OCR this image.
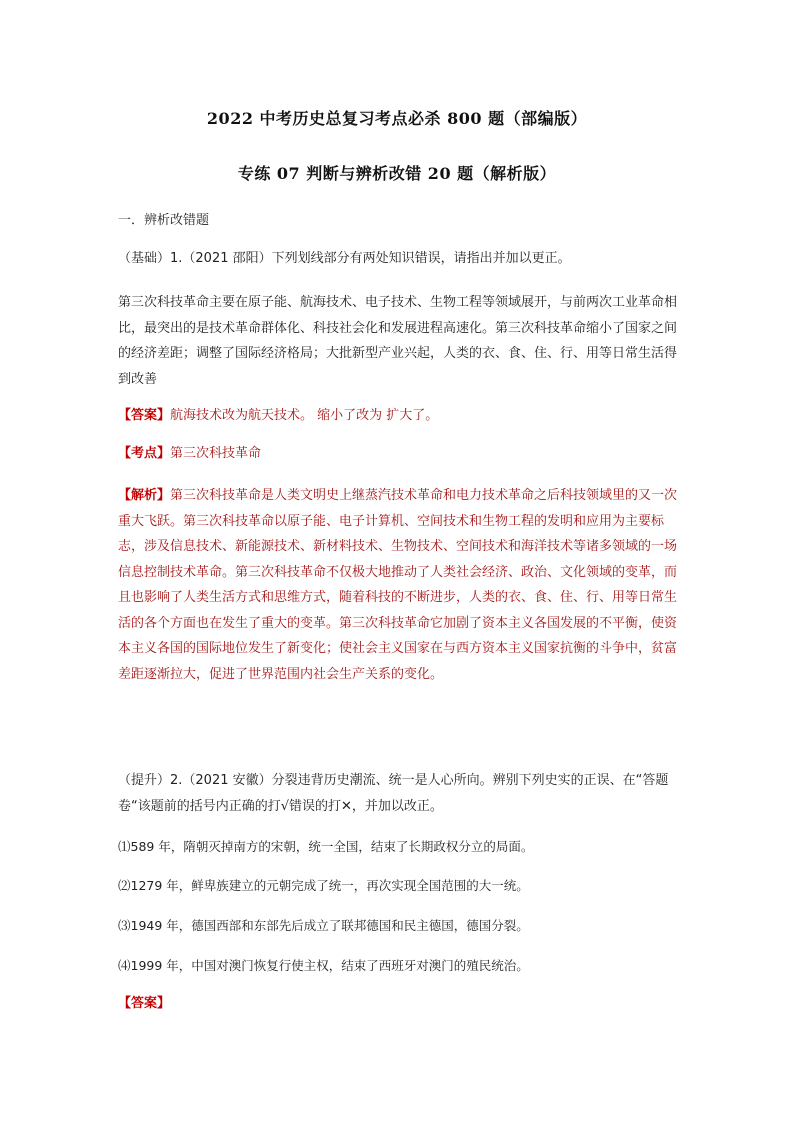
2022 中考历史总复习考点必杀 800 题（部编版）
专练 07 判断与辨析改错 20 题（解析版）

一．辨析改错题

（基础）1.（2021 邵阳）下列划线部分有两处知识错误，请指出并加以更正。

第三次科技革命主要在原子能、航海技术、电子技术、生物工程等领域展开，与前两次工业革命相比，最突出的是技术革命群体化、科技社会化和发展进程高速化。第三次科技革命缩小了国家之间的经济差距；调整了国际经济格局；大批新型产业兴起，人类的衣、食、住、行、用等日常生活得到改善

【答案】航海技术改为航天技术。 缩小了改为 扩大了。

【考点】第三次科技革命

【解析】第三次科技革命是人类文明史上继蒸汽技术革命和电力技术革命之后科技领域里的又一次重大飞跃。第三次科技革命以原子能、电子计算机、空间技术和生物工程的发明和应用为主要标志，涉及信息技术、新能源技术、新材料技术、生物技术、空间技术和海洋技术等诸多领域的一场信息控制技术革命。第三次科技革命不仅极大地推动了人类社会经济、政治、文化领域的变革，而且也影响了人类生活方式和思维方式，随着科技的不断进步，人类的衣、食、住、行、用等日常生活的各个方面也在发生了重大的变革。第三次科技革命它加剧了资本主义各国发展的不平衡，使资本主义各国的国际地位发生了新变化；使社会主义国家在与西方资本主义国家抗衡的斗争中，贫富差距逐渐拉大，促进了世界范围内社会生产关系的变化。

（提升）2.（2021 安徽）分裂违背历史潮流、统一是人心所向。辨别下列史实的正误、在“答题卷“该题前的括号内正确的打√错误的打✕，并加以改正。

⑴589 年，隋朝灭掉南方的宋朝，统一全国，结束了长期政权分立的局面。

⑵1279 年，鲜卑族建立的元朝完成了统一，再次实现全国范围的大一统。

⑶1949 年，德国西部和东部先后成立了联邦德国和民主德国，德国分裂。

⑷1999 年，中国对澳门恢复行使主权，结束了西班牙对澳门的殖民统治。

【答案】
